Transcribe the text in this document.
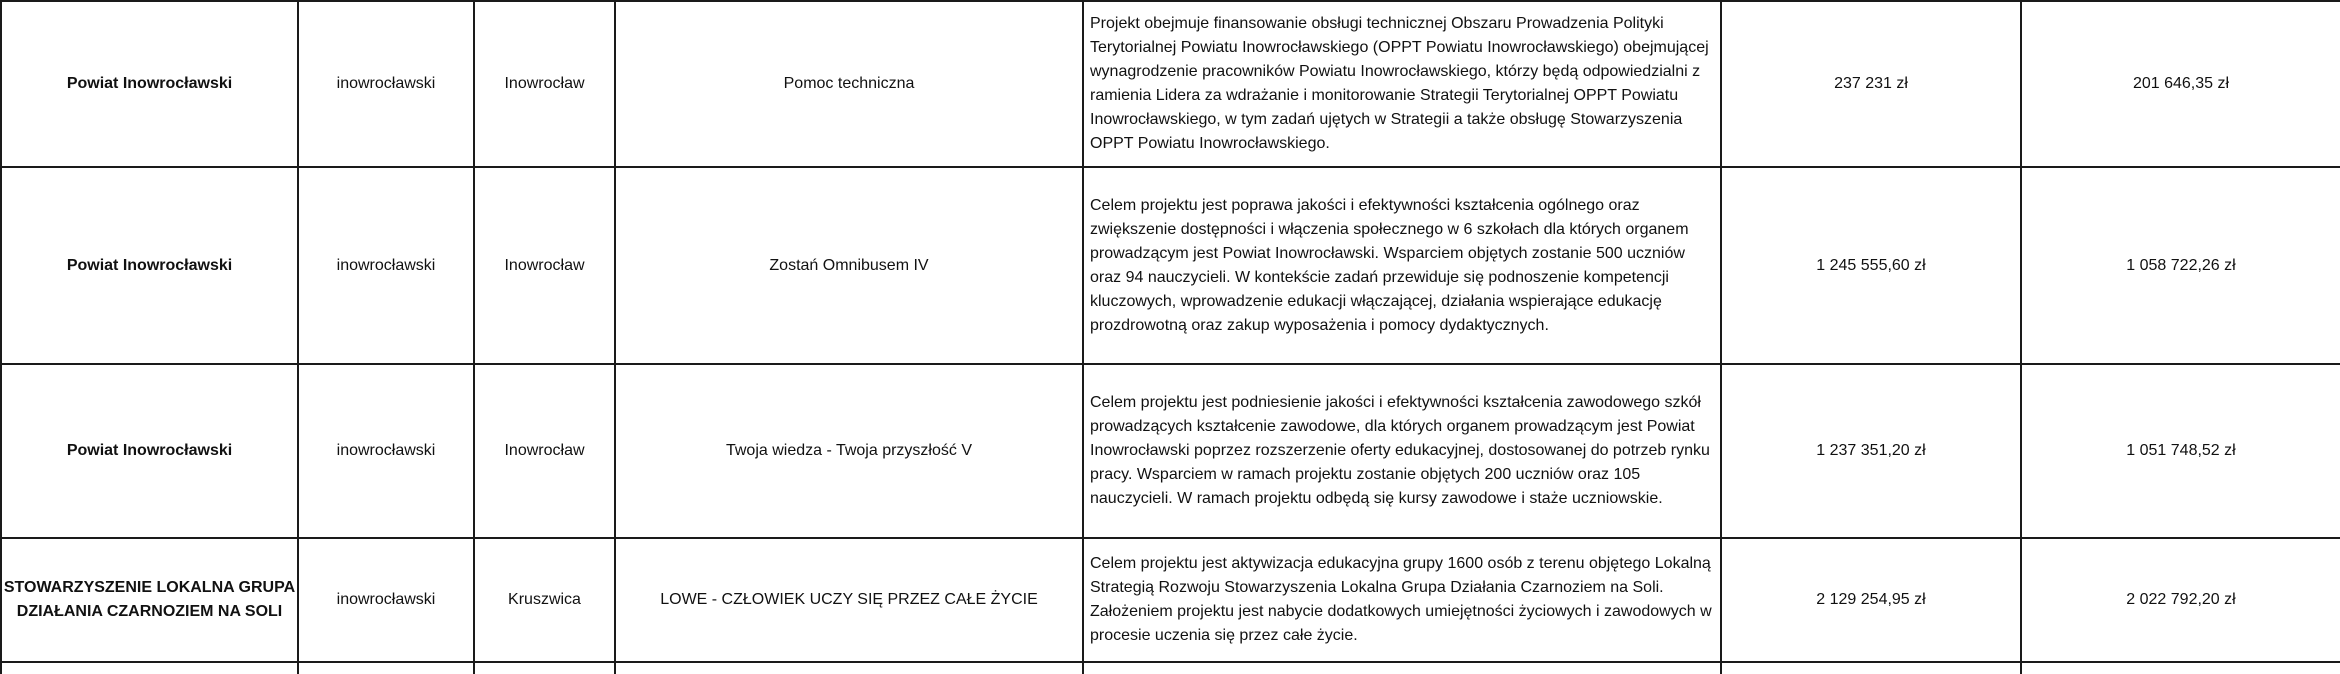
Powiat Inowrocławski	inowrocławski	Inowrocław	Pomoc techniczna	Projekt obejmuje finansowanie obsługi technicznej Obszaru Prowadzenia Polityki Terytorialnej Powiatu Inowrocławskiego (OPPT Powiatu Inowrocławskiego) obejmującej wynagrodzenie pracowników Powiatu Inowrocławskiego, którzy będą odpowiedzialni z ramienia Lidera za wdrażanie i monitorowanie Strategii Terytorialnej OPPT Powiatu Inowrocławskiego, w tym zadań ujętych w Strategii a także obsługę Stowarzyszenia OPPT Powiatu Inowrocławskiego.	237 231 zł	201 646,35 zł

Powiat Inowrocławski	inowrocławski	Inowrocław	Zostań Omnibusem IV	Celem projektu jest poprawa jakości i efektywności kształcenia ogólnego oraz zwiększenie dostępności i włączenia społecznego w 6 szkołach dla których organem prowadzącym jest Powiat Inowrocławski. Wsparciem objętych zostanie 500 uczniów oraz 94 nauczycieli. W kontekście zadań przewiduje się podnoszenie kompetencji kluczowych, wprowadzenie edukacji włączającej, działania wspierające edukację prozdrowotną oraz zakup wyposażenia i pomocy dydaktycznych.	1 245 555,60 zł	1 058 722,26 zł

Powiat Inowrocławski	inowrocławski	Inowrocław	Twoja wiedza - Twoja przyszłość V	Celem projektu jest podniesienie jakości i efektywności kształcenia zawodowego szkół prowadzących kształcenie zawodowe, dla których organem prowadzącym jest Powiat Inowrocławski poprzez rozszerzenie oferty edukacyjnej, dostosowanej do potrzeb rynku pracy. Wsparciem w ramach projektu zostanie objętych 200 uczniów oraz 105 nauczycieli. W ramach projektu odbędą się kursy zawodowe i staże uczniowskie.	1 237 351,20 zł	1 051 748,52 zł

STOWARZYSZENIE LOKALNA GRUPA DZIAŁANIA CZARNOZIEM NA SOLI	inowrocławski	Kruszwica	LOWE - CZŁOWIEK UCZY SIĘ PRZEZ CAŁE ŻYCIE	Celem projektu jest aktywizacja edukacyjna grupy 1600 osób z terenu objętego Lokalną Strategią Rozwoju Stowarzyszenia Lokalna Grupa Działania Czarnoziem na Soli. Założeniem projektu jest nabycie dodatkowych umiejętności życiowych i zawodowych w procesie uczenia się przez całe życie.	2 129 254,95 zł	2 022 792,20 zł
